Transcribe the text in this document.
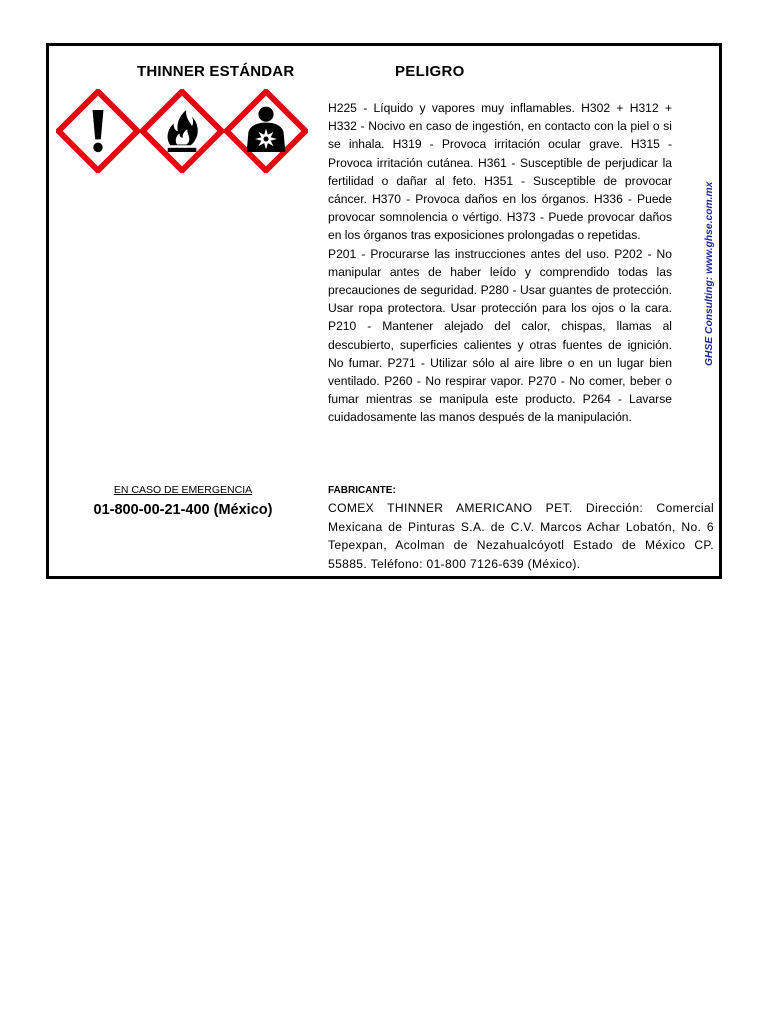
THINNER ESTÁNDAR	PELIGRO

H225 - Líquido y vapores muy inflamables. H302 + H312 + H332 - Nocivo en caso de ingestión, en contacto con la piel o si se inhala. H319 - Provoca irritación ocular grave. H315 - Provoca irritación cutánea. H361 - Susceptible de perjudicar la fertilidad o dañar al feto. H351 - Susceptible de provocar cáncer. H370 - Provoca daños en los órganos. H336 - Puede provocar somnolencia o vértigo. H373 - Puede provocar daños en los órganos tras exposiciones prolongadas o repetidas.

P201 - Procurarse las instrucciones antes del uso. P202 - No manipular antes de haber leído y comprendido todas las precauciones de seguridad. P280 - Usar guantes de protección. Usar ropa protectora. Usar protección para los ojos o la cara. P210 - Mantener alejado del calor, chispas, llamas al descubierto, superficies calientes y otras fuentes de ignición. No fumar. P271 - Utilizar sólo al aire libre o en un lugar bien ventilado. P260 - No respirar vapor. P270 - No comer, beber o fumar mientras se manipula este producto. P264 - Lavarse cuidadosamente las manos después de la manipulación.

EN CASO DE EMERGENCIA
01-800-00-21-400 (México)
FABRICANTE:
COMEX THINNER AMERICANO PET. Dirección: Comercial Mexicana de Pinturas S.A. de C.V. Marcos Achar Lobatón, No. 6 Tepexpan, Acolman de Nezahualcóyotl Estado de México CP. 55885. Teléfono: 01-800 7126-639 (México).
GHSE Consulting: www.ghse.com.mx
